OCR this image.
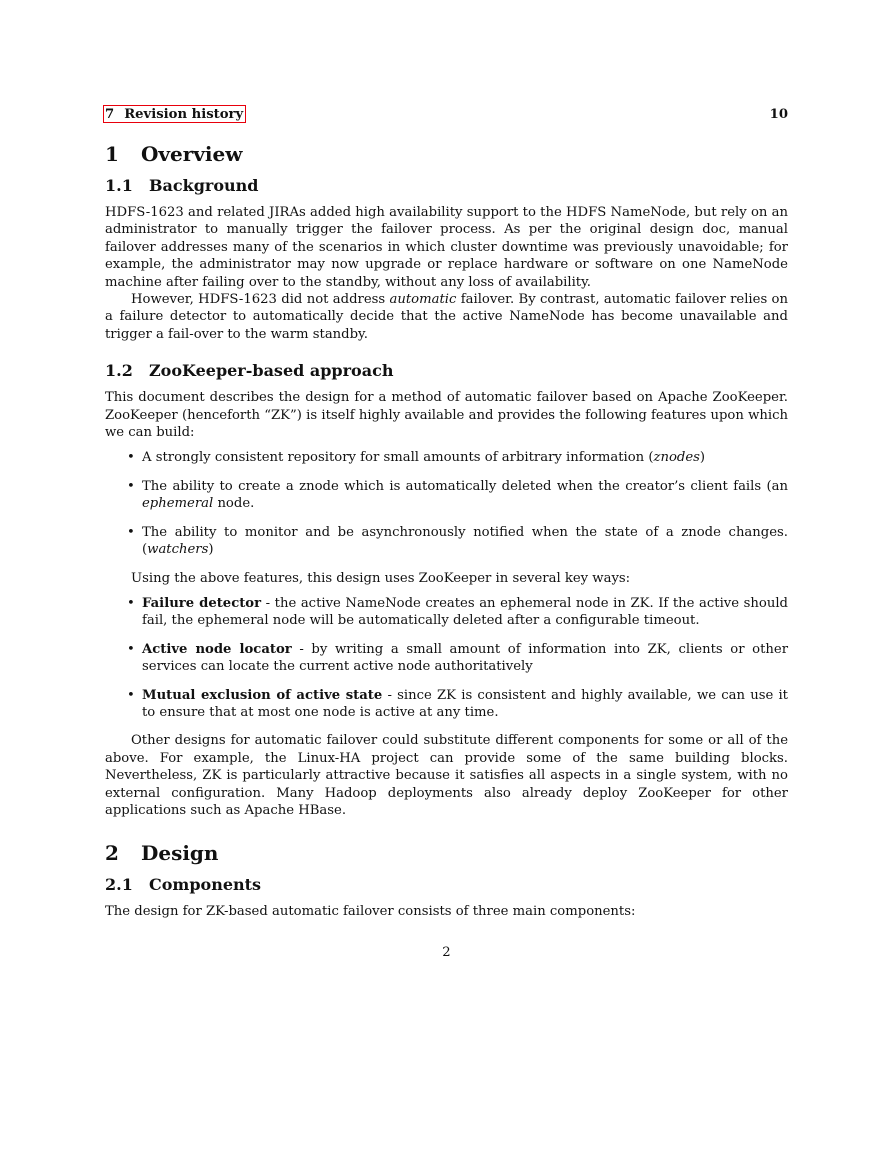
7 Revision history	10
1 Overview
1.1 Background

HDFS-1623 and related JIRAs added high availability support to the HDFS NameNode, but rely on an administrator to manually trigger the failover process. As per the original design doc, manual failover addresses many of the scenarios in which cluster downtime was previously unavoidable; for example, the administrator may now upgrade or replace hardware or software on one NameNode machine after failing over to the standby, without any loss of availability.

However, HDFS-1623 did not address automatic failover. By contrast, automatic failover relies on a failure detector to automatically decide that the active NameNode has become unavailable and trigger a fail-over to the warm standby.

1.2 ZooKeeper-based approach

This document describes the design for a method of automatic failover based on Apache ZooKeeper. ZooKeeper (henceforth “ZK”) is itself highly available and provides the following features upon which we can build:

• A strongly consistent repository for small amounts of arbitrary information (znodes)
• The ability to create a znode which is automatically deleted when the creator’s client fails (an ephemeral node.
• The ability to monitor and be asynchronously notified when the state of a znode changes. (watchers)

Using the above features, this design uses ZooKeeper in several key ways:

• Failure detector - the active NameNode creates an ephemeral node in ZK. If the active should fail, the ephemeral node will be automatically deleted after a configurable timeout.
• Active node locator - by writing a small amount of information into ZK, clients or other services can locate the current active node authoritatively
• Mutual exclusion of active state - since ZK is consistent and highly available, we can use it to ensure that at most one node is active at any time.

Other designs for automatic failover could substitute different components for some or all of the above. For example, the Linux-HA project can provide some of the same building blocks. Nevertheless, ZK is particularly attractive because it satisfies all aspects in a single system, with no external configuration. Many Hadoop deployments also already deploy ZooKeeper for other applications such as Apache HBase.

2 Design
2.1 Components

The design for ZK-based automatic failover consists of three main components:

2
